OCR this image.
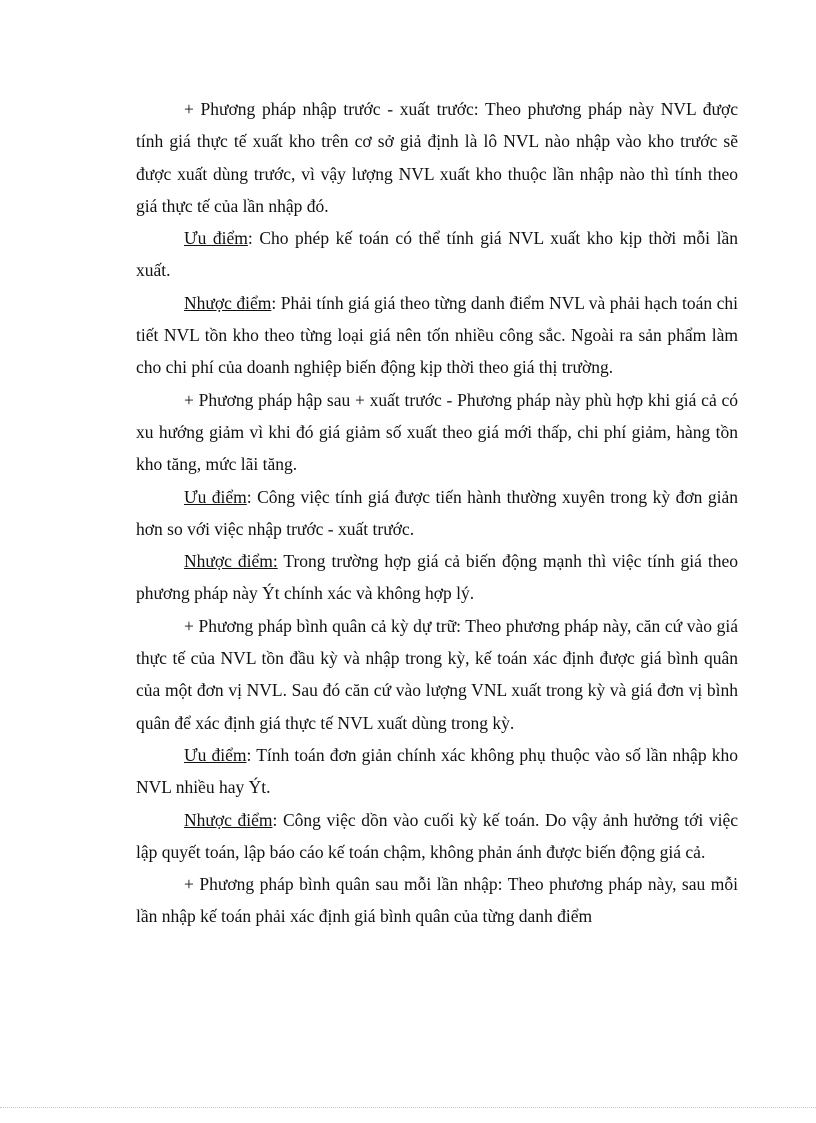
+ Phương pháp nhập trước - xuất trước: Theo phương pháp này NVL được tính giá thực tế xuất kho trên cơ sở giả định là lô NVL nào nhập vào kho trước sẽ được xuất dùng trước, vì vậy lượng NVL xuất kho thuộc lần nhập nào thì tính theo giá thực tế của lần nhập đó.

Ưu điểm: Cho phép kế toán có thể tính giá NVL xuất kho kịp thời mỗi lần xuất.

Nhược điểm: Phải tính giá giá theo từng danh điểm NVL và phải hạch toán chi tiết NVL tồn kho theo từng loại giá nên tốn nhiều công sắc. Ngoài ra sản phẩm làm cho chi phí của doanh nghiệp biến động kịp thời theo giá thị trường.

+ Phương pháp hập sau + xuất trước - Phương pháp này phù hợp khi giá cả có xu hướng giảm vì khi đó giá giảm số xuất theo giá mới thấp, chi phí giảm, hàng tồn kho tăng, mức lãi tăng.

Ưu điểm: Công việc tính giá được tiến hành thường xuyên trong kỳ đơn giản hơn so với việc nhập trước - xuất trước.

Nhược điểm: Trong trường hợp giá cả biến động mạnh thì việc tính giá theo phương pháp này Ýt chính xác và không hợp lý.

+ Phương pháp bình quân cả kỳ dự trữ: Theo phương pháp này, căn cứ vào giá thực tế của NVL tồn đầu kỳ và nhập trong kỳ, kế toán xác định được giá bình quân của một đơn vị NVL. Sau đó căn cứ vào lượng VNL xuất trong kỳ và giá đơn vị bình quân để xác định giá thực tế NVL xuất dùng trong kỳ.

Ưu điểm: Tính toán đơn giản chính xác không phụ thuộc vào số lần nhập kho NVL nhiều hay Ýt.

Nhược điểm: Công việc dồn vào cuối kỳ kế toán. Do vậy ảnh hưởng tới việc lập quyết toán, lập báo cáo kế toán chậm, không phản ánh được biến động giá cả.

+ Phương pháp bình quân sau mỗi lần nhập: Theo phương pháp này, sau mỗi lần nhập kế toán phải xác định giá bình quân của từng danh điểm
